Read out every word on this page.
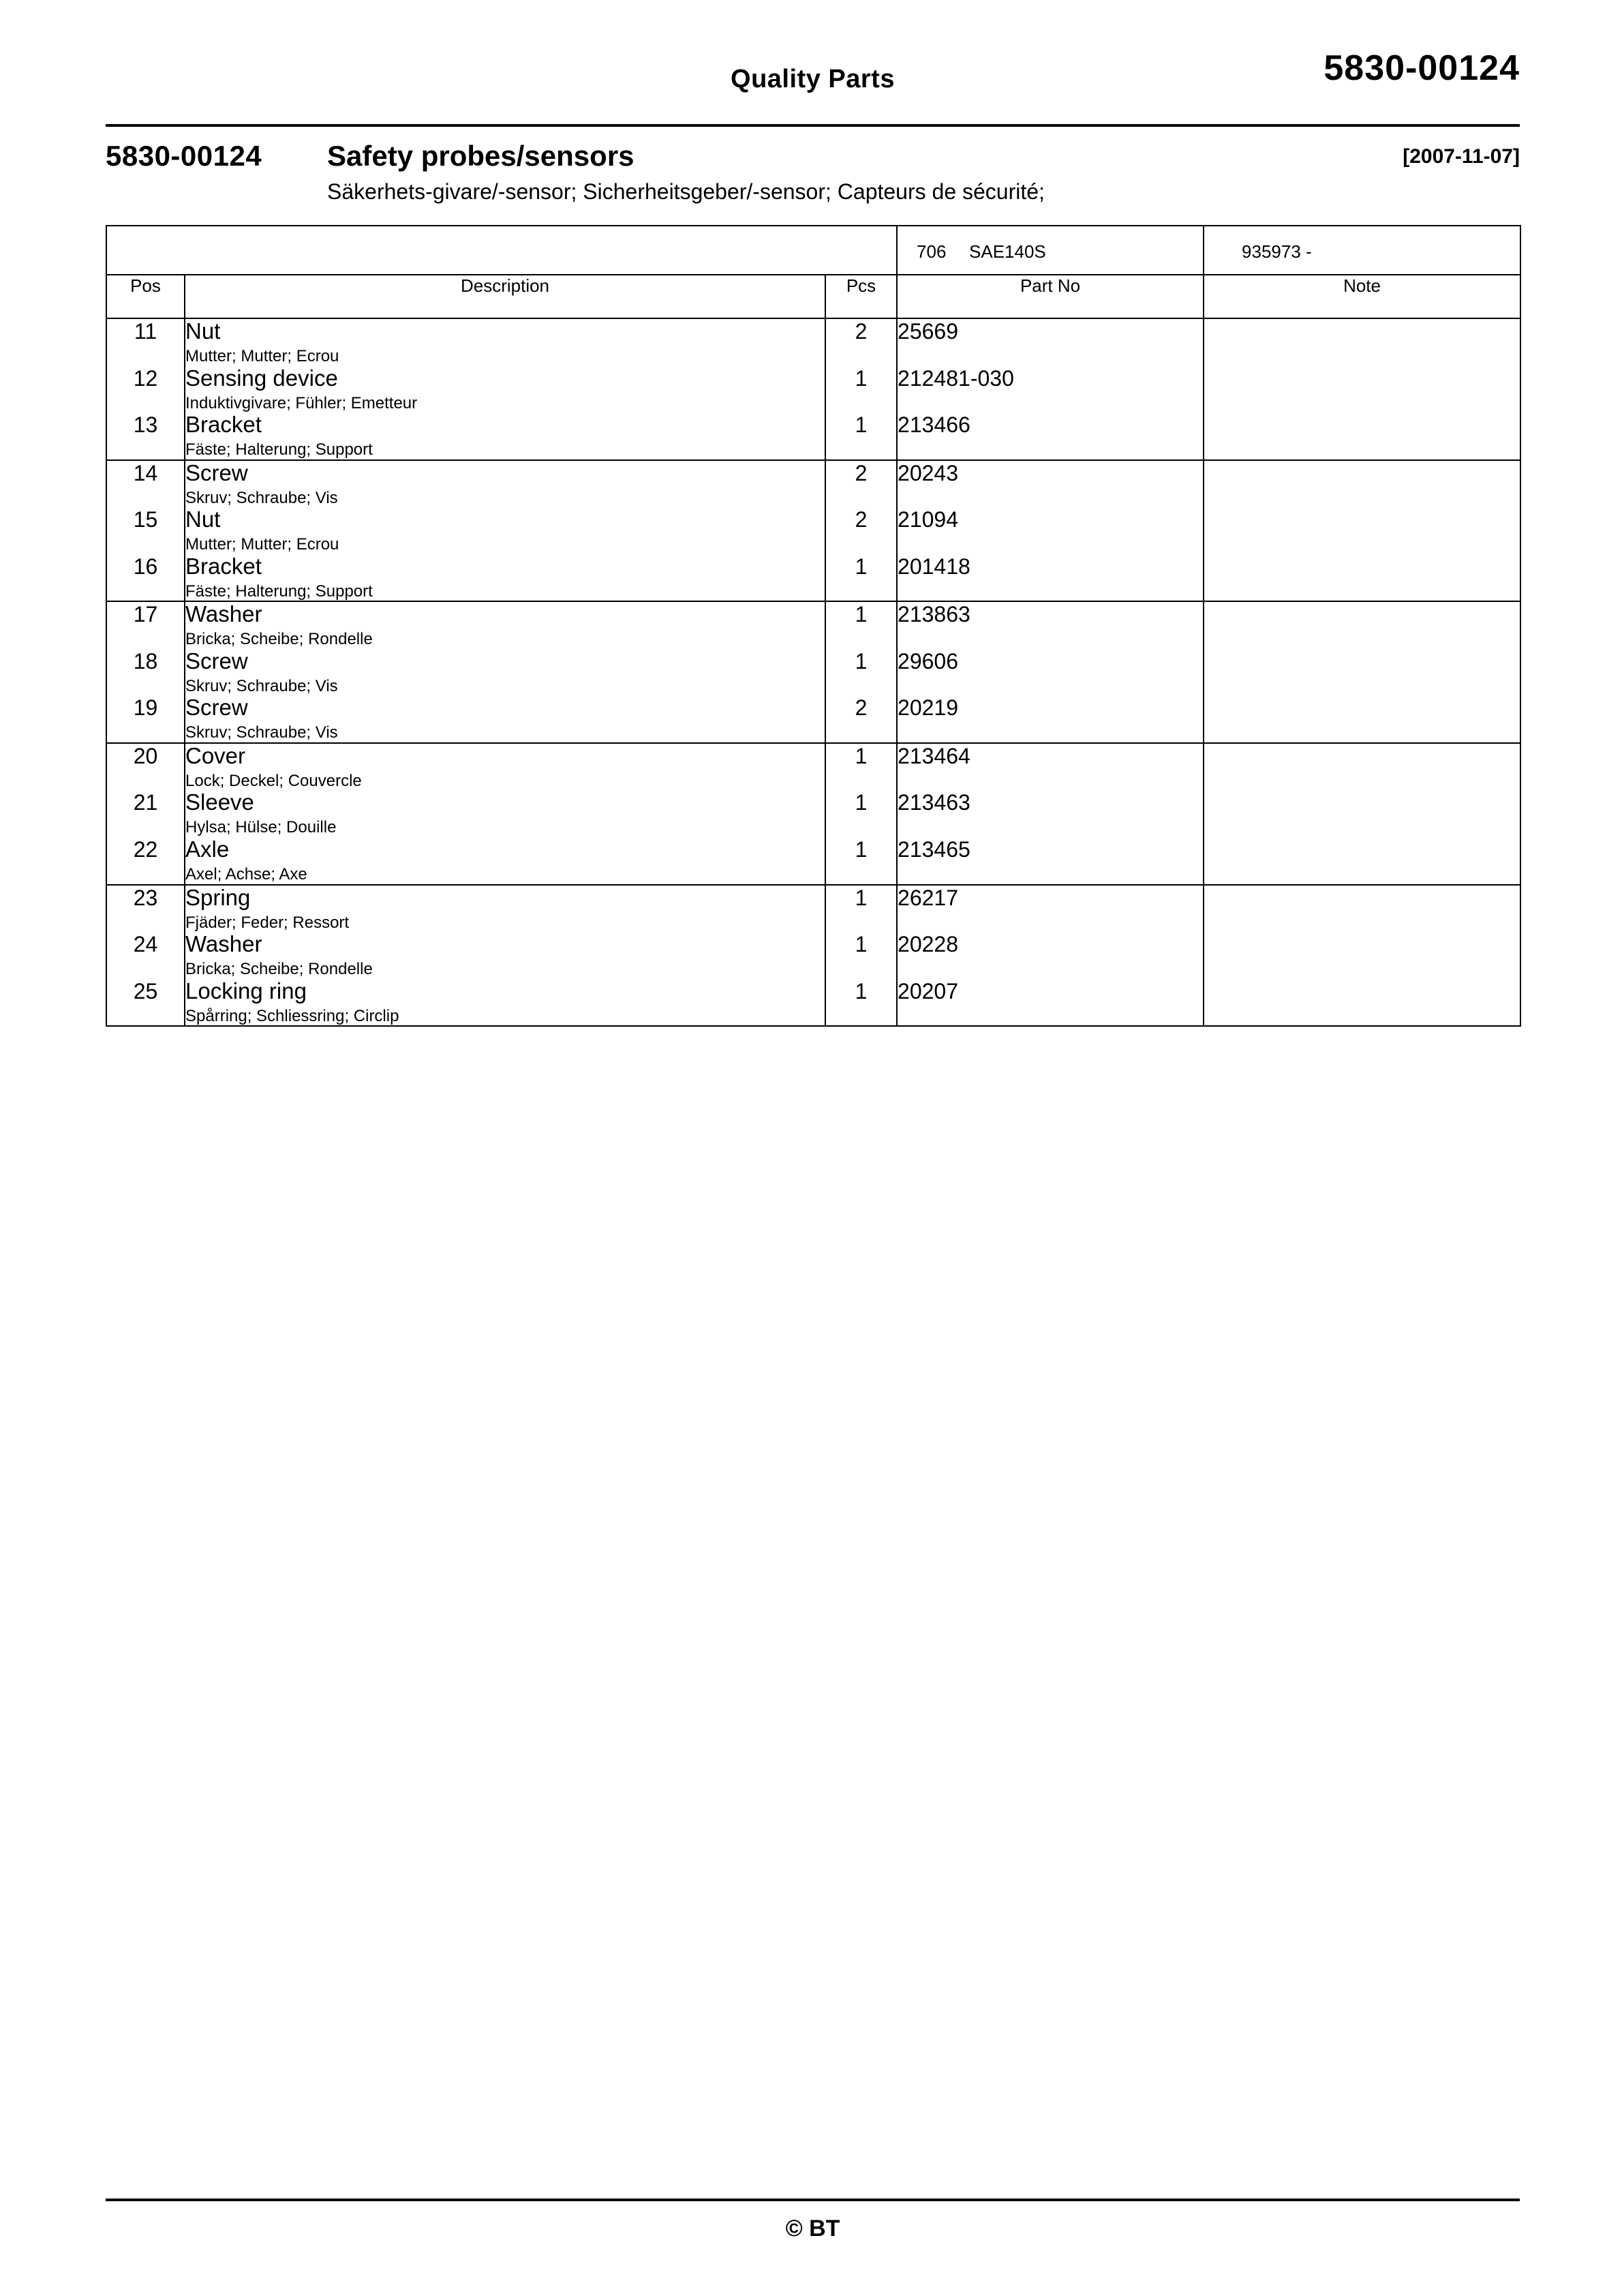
Quality Parts	5830-00124
5830-00124 Safety probes/sensors	[2007-11-07]
Säkerhets-givare/-sensor; Sicherheitsgeber/-sensor; Capteurs de sécurité;

			706 SAE140S	935973 -

Pos	Description	Pcs	Part No	Note
11	Nut
Mutter; Mutter; Ecrou	2	25669	
12	Sensing device
Induktivgivare; Fühler; Emetteur	1	212481-030	
13	Bracket
Fäste; Halterung; Support	1	213466	
14	Screw
Skruv; Schraube; Vis	2	20243	
15	Nut
Mutter; Mutter; Ecrou	2	21094	
16	Bracket
Fäste; Halterung; Support	1	201418	
17	Washer
Bricka; Scheibe; Rondelle	1	213863	
18	Screw
Skruv; Schraube; Vis	1	29606	
19	Screw
Skruv; Schraube; Vis	2	20219	
20	Cover
Lock; Deckel; Couvercle	1	213464	
21	Sleeve
Hylsa; Hülse; Douille	1	213463	
22	Axle
Axel; Achse; Axe	1	213465	
23	Spring
Fjäder; Feder; Ressort	1	26217	
24	Washer
Bricka; Scheibe; Rondelle	1	20228	
25	Locking ring
Spårring; Schliessring; Circlip	1	20207	
© BT
